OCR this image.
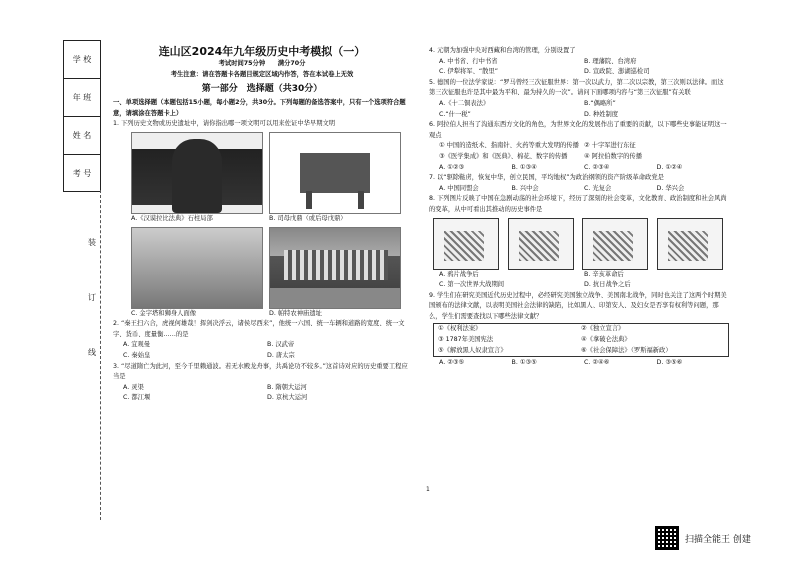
学 校
年 班
姓 名
考 号
装
订
线
连山区2024年九年级历史中考模拟（一）
考试时间75分钟　　满分70分
考生注意：请在答题卡各题目规定区域内作答，答在本试卷上无效
第一部分　选择题（共30分）
一、单项选择题（本题包括15小题，每小题2分，共30分。下列每题的备选答案中，只有一个选项符合题意，请填涂在答题卡上）
1. 下列历史文物或历史遗址中，请你指出哪一项文明可以用来佐证中华早期文明
A.《汉谟拉比法典》石柱局部	B. 司母戊鼎（或后母戊鼎）
C. 金字塔和狮身人面像	D. 帕特农神庙遗址
2. “秦王扫六合，虎视何雄哉！挥剑决浮云，诸侯尽西来”，他统一六国、统一车辆和道路的宽度、统一文字、货币、度量衡……的是
A. 宜观曼	B. 汉武帝
C. 秦始皇	D. 唐太宗
3. “尽道隋亡为此河，至今千里赖通波。若无水殿龙舟事，共禹论功不较多。”这首诗对应的历史重要工程应当是
A. 灵渠	B. 隋朝大运河
C. 都江堰	D. 京杭大运河
4. 元朝为加强中央对西藏和台湾的管理，分别设置了
A. 中书省、行中书省	B. 理藩院、台湾府
C. 伊犁将军、“散里”	D. 宣政院、澎湖巡检司
5. 德国的一位法学家说：“罗马曾经三次征服世界：第一次以武力，第二次以宗教，第三次则以法律。而这第三次征服也许是其中最为平和、最为持久的一次”。请问下面哪项内容与“第三次征服”有关联
A.《十二铜表法》	B.“偶略所”
C.“什一税”	D. 种姓制度
6. 阿拉伯人担当了沟通东西方文化的角色，为世界文化的发展作出了重要的贡献，以下哪些史事能证明这一观点
① 中国的造纸术、指南针、火药等重大发明的传播 ② 十字军进行东征
③《医学集成》和《医典》、棉花、数字的传播	④ 阿拉伯数字的传播
A. ①②③	B. ①③④	C. ②③④	D. ①②④
7. 以“驱除鞑虏，恢复中华，创立民国，平均地权”为政治纲领的资产阶级革命政党是
A. 中国同盟会	B. 兴中会	C. 光复会	D. 华兴会
8. 下列图片反映了中国在急剧动荡的社会环境下，经历了深刻的社会变革，文化教育、政治制度和社会风尚的变革，从中可看出其推动的历史事件是
A. 鸦片战争后	B. 辛亥革命后
C. 第一次世界大战期间	D. 抗日战争之后
9. 学生们在研究美国近代历史过程中，必经研究美国独立战争、美国南北战争，同时也关注了这两个时期美国颁布的法律文献，以表明美国社会法律的缺陷，比如黑人、印第安人、及妇女是否享有权利等问题，那么，学生们需要查找以下哪些法律文献？
①《权利法案》	②《独立宣言》
③ 1787年美国宪法	④《拿破仑法典》
⑤《解放黑人奴隶宣言》	⑥《社会保障法》（罗斯福新政）
A. ②③⑤	B. ①③⑤	C. ②④⑥	D. ③⑤⑥
1
扫描全能王 创建
